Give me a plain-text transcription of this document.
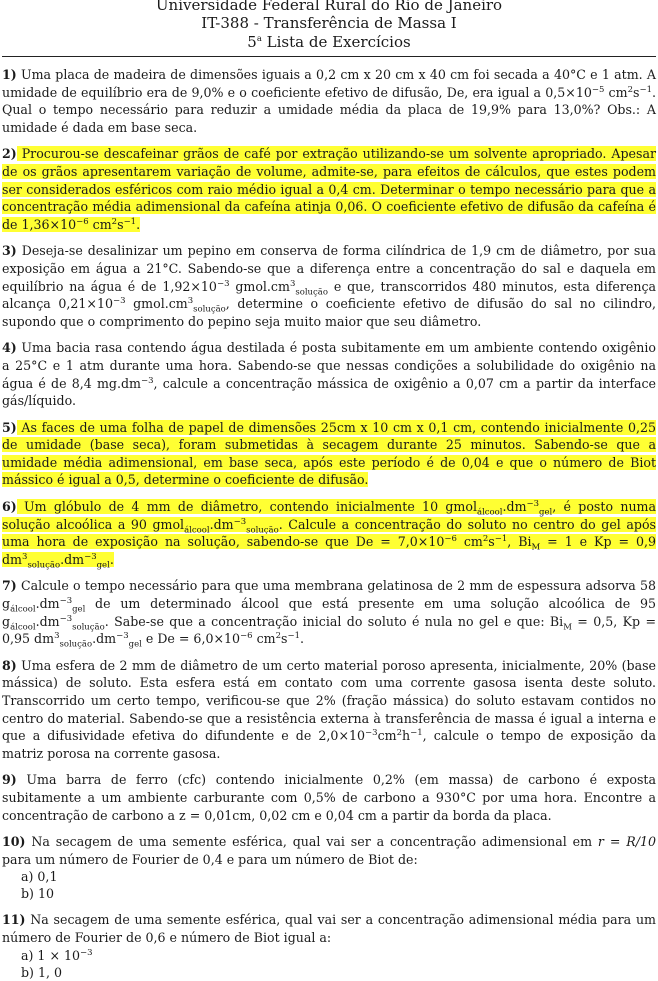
Universidade Federal Rural do Rio de Janeiro
IT-388 - Transferência de Massa I
5$^a$ Lista de Exercícios

1) Uma placa de madeira de dimensões iguais a 0,2 cm x 20 cm x 40 cm foi secada a 40°C e 1 atm. A umidade de equilíbrio era de 9,0% e o coeficiente efetivo de difusão, De, era igual a $0,5\times 10^{-5}$ $cm^2s^{-1}$. Qual o tempo necessário para reduzir a umidade média da placa de 19,9% para 13,0%? Obs.: A umidade é dada em base seca.

2) Procurou-se descafeinar grãos de café por extração utilizando-se um solvente apropriado. Apesar de os grãos apresentarem variação de volume, admite-se, para efeitos de cálculos, que estes podem ser considerados esféricos com raio médio igual a 0,4 cm. Determinar o tempo necessário para que a concentração média adimensional da cafeína atinja 0,06. O coeficiente efetivo de difusão da cafeína é de $1,36\times 10^{-6}$ $cm^2s^{-1}$.

3) Deseja-se desalinizar um pepino em conserva de forma cilíndrica de 1,9 cm de diâmetro, por sua exposição em água a 21°C. Sabendo-se que a diferença entre a concentração do sal e daquela em equilíbrio na água é de $1,92\times 10^{-3}$ $gmol.cm^3_{solução}$ e que, transcorridos 480 minutos, esta diferença alcança $0,21\times 10^{-3}$ $gmol.cm^3_{solução}$, determine o coeficiente efetivo de difusão do sal no cilindro, supondo que o comprimento do pepino seja muito maior que seu diâmetro.

4) Uma bacia rasa contendo água destilada é posta subitamente em um ambiente contendo oxigênio a 25°C e 1 atm durante uma hora. Sabendo-se que nessas condições a solubilidade do oxigênio na água é de 8,4 $mg.dm^{-3}$, calcule a concentração mássica de oxigênio a 0,07 cm a partir da interface gás/líquido.

5) As faces de uma folha de papel de dimensões 25cm x 10 cm x 0,1 cm, contendo inicialmente 0,25 de umidade (base seca), foram submetidas à secagem durante 25 minutos. Sabendo-se que a umidade média adimensional, em base seca, após este período é de 0,04 e que o número de Biot mássico é igual a 0,5, determine o coeficiente de difusão.

6) Um glóbulo de 4 mm de diâmetro, contendo inicialmente 10 $gmol_{álcool}.dm^{-3}_{gel}$, é posto numa solução alcoólica a 90 $gmol_{álcool}.dm^{-3}_{solução}$. Calcule a concentração do soluto no centro do gel após uma hora de exposição na solução, sabendo-se que $De = 7,0\times 10^{-6}$ $cm^2s^{-1}$, $Bi_M = 1$ e Kp = 0,9 $dm^3_{solução}.dm^{-3}_{gel}$.

7) Calcule o tempo necessário para que uma membrana gelatinosa de 2 mm de espessura adsorva 58 $g_{álcool}.dm^{-3}_{gel}$ de um determinado álcool que está presente em uma solução alcoólica de 95 $g_{álcool}.dm^{-3}_{solução}$. Sabe-se que a concentração inicial do soluto é nula no gel e que: $Bi_M = 0,5$, Kp = 0,95 $dm^3_{solução}.dm^{-3}_{gel}$ e $De = 6,0\times 10^{-6}$ $cm^2s^{-1}$.

8) Uma esfera de 2 mm de diâmetro de um certo material poroso apresenta, inicialmente, 20% (base mássica) de soluto. Esta esfera está em contato com uma corrente gasosa isenta deste soluto. Transcorrido um certo tempo, verificou-se que 2% (fração mássica) do soluto estavam contidos no centro do material. Sabendo-se que a resistência externa à transferência de massa é igual a interna e que a difusividade efetiva do difundente e de $2,0\times 10^{-3}cm^2h^{-1}$, calcule o tempo de exposição da matriz porosa na corrente gasosa.

9) Uma barra de ferro (cfc) contendo inicialmente 0,2% (em massa) de carbono é exposta subitamente a um ambiente carburante com 0,5% de carbono a 930°C por uma hora. Encontre a concentração de carbono a z = 0,01cm, 0,02 cm e 0,04 cm a partir da borda da placa.

10) Na secagem de uma semente esférica, qual vai ser a concentração adimensional em r = R/10 para um número de Fourier de 0,4 e para um número de Biot de:

a) 0,1
b) 10

11) Na secagem de uma semente esférica, qual vai ser a concentração adimensional média para um número de Fourier de 0,6 e número de Biot igual a:

a) $1 \times 10^{-3}$
b) 1, 0
